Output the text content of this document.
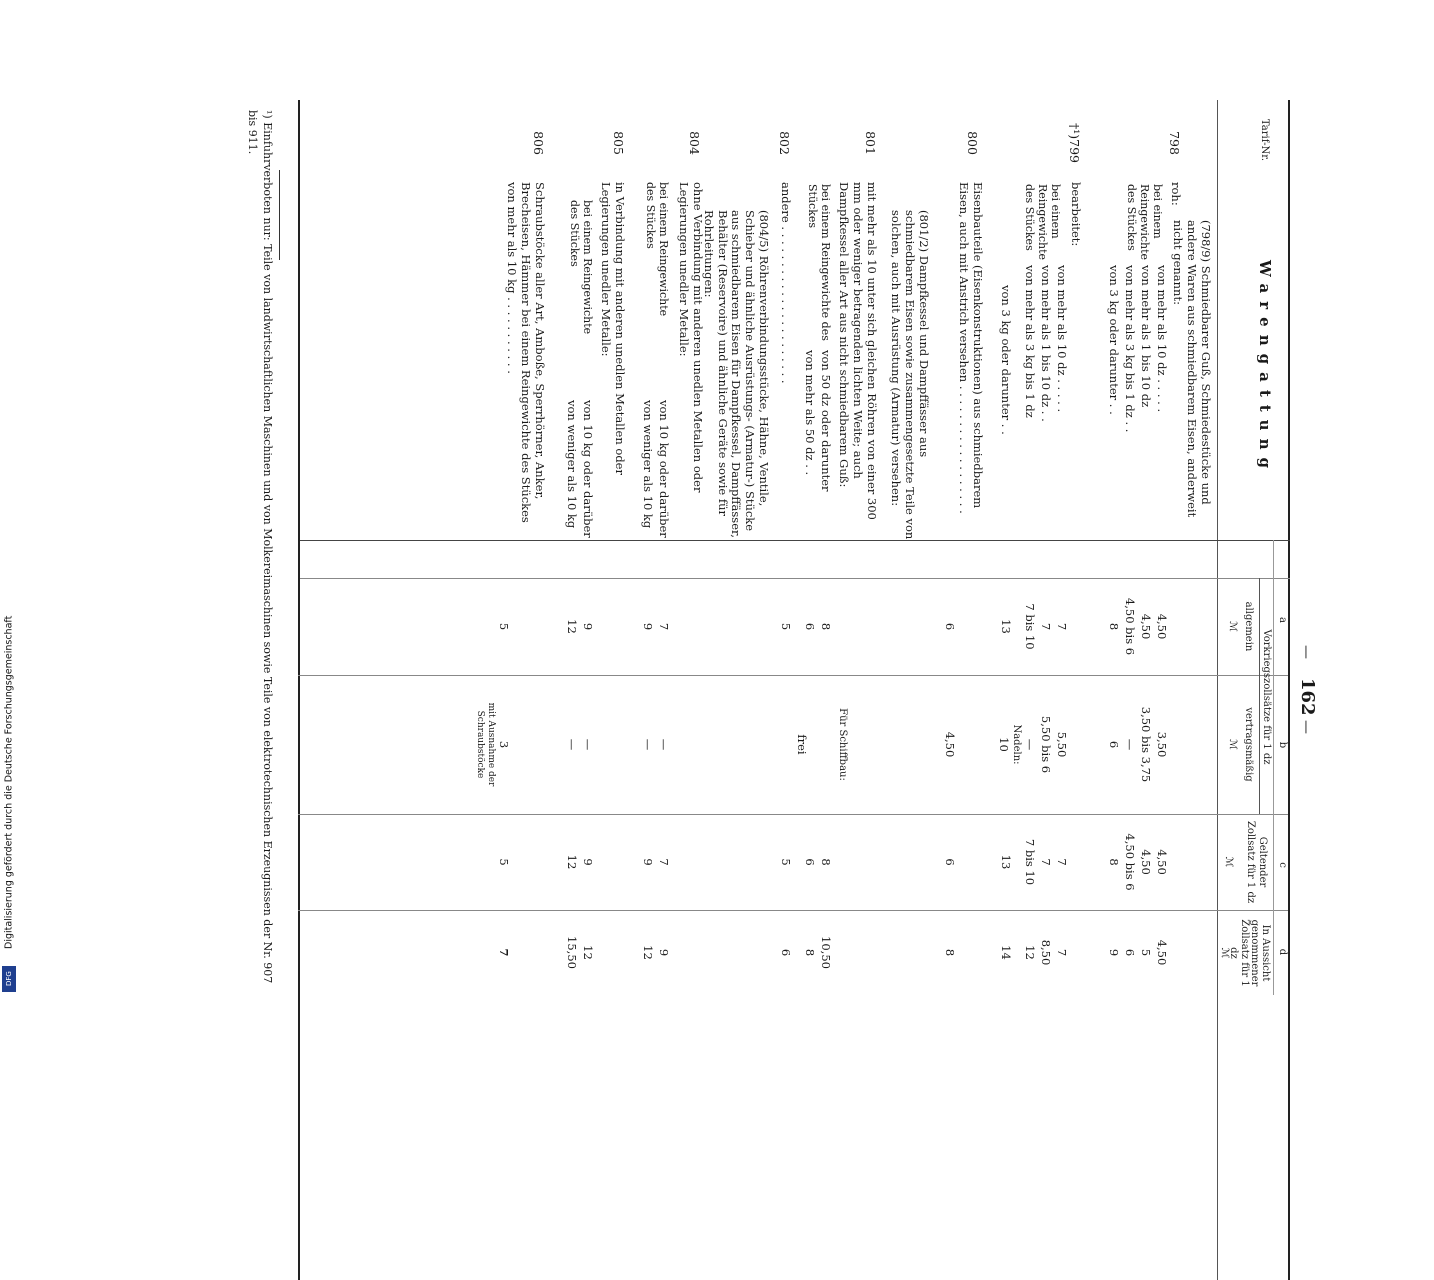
—
162
—
Tarif-Nr.
Warengattung
a
b
c
d
Vorkriegszollsätze für 1 dz
allgemein
ℳ
vertragsmäßig
ℳ
Geltender Zollsatz für 1 dz
ℳ
In Aussicht genommener Zollsatz für 1 dz
ℳ
(798/9) Schmiedbarer Guß, Schmiedestücke und andere Waren aus schmiedbarem Eisen, anderweit nicht genannt:
798
roh:
bei einem Reingewichte des Stückes
von mehr als 10 dz . . . . .
4,50
3,50
4,50
4,50
von mehr als 1 bis 10 dz
4,50
3,50 bis 3,75
4,50
5
von mehr als 3 kg bis 1 dz . .
4,50 bis 6
—
4,50 bis 6
6
von 3 kg oder darunter . .
8
6
8
9
†¹)799
bearbeitet:
bei einem Reingewichte des Stückes
von mehr als 10 dz . . . . .
7
5,50
7
7
von mehr als 1 bis 10 dz . .
7
5,50 bis 6
7
8,50
von mehr als 3 kg bis 1 dz
7 bis 10
—
7 bis 10
12
von 3 kg oder darunter . .
13
Nadeln:
10
13
14
800
Eisenbauteile (Eisenkonstruktionen) aus schmiedbarem Eisen, auch mit Anstrich versehen . . . . . . . . . . . . . . . . . .
6
4,50
6
8
(801/2) Dampfkessel und Dampffässer aus schmiedbarem Eisen sowie zusammengesetzte Teile von solchen, auch mit Ausrüstung (Armatur) versehen:
801
mit mehr als 10 unter sich gleichen Röhren von einer 300 mm oder weniger betragenden lichten Weite; auch Dampfkessel aller Art aus nicht schmiedbarem Guß:
Für Schiffbau:
bei einem Reingewichte des Stückes
von 50 dz oder darunter
8
8
10,50
von mehr als 50 dz . .
6
6
8
frei
802
andere . . . . . . . . . . . . . . . . . . . . . .
5
5
6
(804/5) Röhrenverbindungsstücke, Hähne, Ventile, Schieber und ähnliche Ausrüstungs- (Armatur-) Stücke aus schmiedbarem Eisen für Dampfkessel, Dampffässer, Behälter (Reservoire) und ähnliche Geräte sowie für Rohrleitungen:
804
ohne Verbindung mit anderen unedlen Metallen oder Legierungen unedler Metalle:
bei einem Reingewichte des Stückes
von 10 kg oder darüber
7
—
7
9
von weniger als 10 kg
9
—
9
12
805
in Verbindung mit anderen unedlen Metallen oder Legierungen unedler Metalle:
bei einem Reingewichte des Stückes
von 10 kg oder darüber
9
—
9
12
von weniger als 10 kg
12
—
12
15,50
806
Schraubstöcke aller Art, Amboße, Sperrhörner, Anker, Brecheisen, Hämmer bei einem Reingewichte des Stückes von mehr als 10 kg . . . . . . . . . . .
5
3
mit Ausnahme der Schraubstöcke
5
7
¹) Einfuhrverboten nur: Teile von landwirtschaftlichen Maschinen und von Molkereimaschinen sowie Teile von elektrotechnischen Erzeugnissen der Nr. 907 bis 911.
Digitalisierung gefördert durch die Deutsche Forschungsgemeinschaft
DFG
